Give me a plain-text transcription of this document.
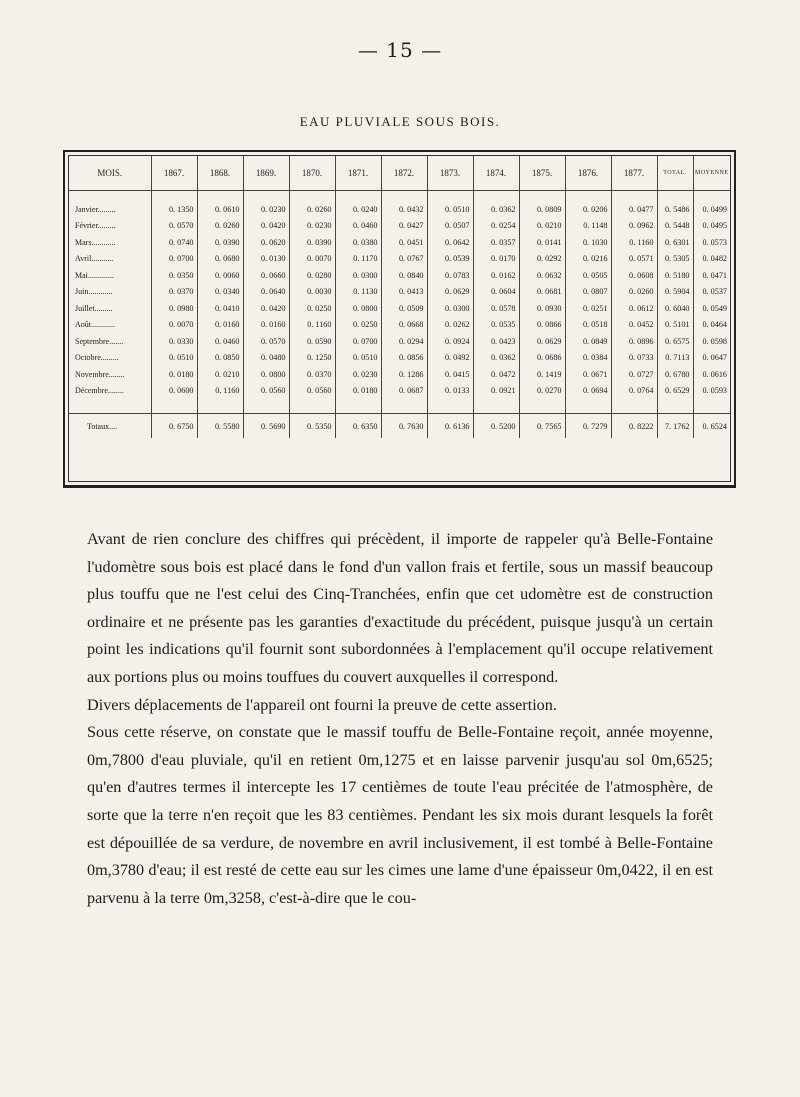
— 15 —
EAU PLUVIALE SOUS BOIS.
MOIS.	1867.	1868.	1869.	1870.	1871.	1872.	1873.	1874.	1875.	1876.	1877.	TOTAL.	MOYENNE
Janvier.........	0. 1350	0. 0610	0. 0230	0. 0260	0. 0240	0. 0432	0. 0510	0. 0362	0. 0809	0. 0206	0. 0477	0. 5486	0. 0499
Février.........	0. 0570	0. 0260	0. 0420	0. 0230	0. 0460	0. 0427	0. 0507	0. 0254	0. 0210	0. 1148	0. 0962	0. 5448	0. 0495
Mars............	0. 0740	0. 0390	0. 0620	0. 0390	0. 0380	0. 0451	0. 0642	0. 0357	0. 0141	0. 1030	0. 1160	0. 6301	0. 0573
Avril...........	0. 0700	0. 0680	0. 0130	0. 0070	0. 1170	0. 0767	0. 0539	0. 0170	0. 0292	0. 0216	0. 0571	0. 5305	0. 0482
Mai.............	0. 0350	0. 0060	0. 0660	0. 0280	0. 0300	0. 0840	0. 0783	0. 0162	0. 0632	0. 0505	0. 0608	0. 5180	0. 0471
Juin............	0. 0370	0. 0340	0. 0640	0. 0030	0. 1130	0. 0413	0. 0629	0. 0604	0. 0681	0. 0807	0. 0260	0. 5904	0. 0537
Juillet.........	0. 0980	0. 0410	0. 0420	0. 0250	0. 0800	0. 0509	0. 0300	0. 0578	0. 0930	0. 0251	0. 0612	0. 6040	0. 0549
Août............	0. 0070	0. 0160	0. 0160	0. 1160	0. 0250	0. 0668	0. 0262	0. 0535	0. 0866	0. 0518	0. 0452	0. 5101	0. 0464
Septembre.......	0. 0330	0. 0460	0. 0570	0. 0590	0. 0700	0. 0294	0. 0924	0. 0423	0. 0629	0. 0849	0. 0896	0. 6575	0. 0598
Octobre.........	0. 0510	0. 0850	0. 0480	0. 1250	0. 0510	0. 0856	0. 0492	0. 0362	0. 0686	0. 0384	0. 0733	0. 7113	0. 0647
Novembre........	0. 0180	0. 0210	0. 0800	0. 0370	0. 0230	0. 1286	0. 0415	0. 0472	0. 1419	0. 0671	0. 0727	0. 6780	0. 0616
Décembre........	0. 0600	0. 1160	0. 0560	0. 0560	0. 0180	0. 0687	0. 0133	0. 0921	0. 0270	0. 0694	0. 0764	0. 6529	0. 0593

Totaux....	0. 6750	0. 5580	0. 5690	0. 5350	0. 6350	0. 7630	0. 6136	0. 5200	0. 7565	0. 7279	0. 8222	7. 1762	0. 6524

Avant de rien conclure des chiffres qui précèdent, il importe de rappeler qu'à Belle-Fontaine l'udomètre sous bois est placé dans le fond d'un vallon frais et fertile, sous un massif beaucoup plus touffu que ne l'est celui des Cinq-Tranchées, enfin que cet udomètre est de construction ordinaire et ne présente pas les garanties d'exactitude du précédent, puisque jusqu'à un certain point les indications qu'il fournit sont subordonnées à l'emplacement qu'il occupe relativement aux portions plus ou moins touffues du couvert auxquelles il correspond.

Divers déplacements de l'appareil ont fourni la preuve de cette assertion.

Sous cette réserve, on constate que le massif touffu de Belle-Fontaine reçoit, année moyenne, 0m,7800 d'eau pluviale, qu'il en retient 0m,1275 et en laisse parvenir jusqu'au sol 0m,6525; qu'en d'autres termes il intercepte les 17 centièmes de toute l'eau précitée de l'atmosphère, de sorte que la terre n'en reçoit que les 83 centièmes. Pendant les six mois durant lesquels la forêt est dépouillée de sa verdure, de novembre en avril inclusivement, il est tombé à Belle-Fontaine 0m,3780 d'eau; il est resté de cette eau sur les cimes une lame d'une épaisseur 0m,0422, il en est parvenu à la terre 0m,3258, c'est-à-dire que le cou-
